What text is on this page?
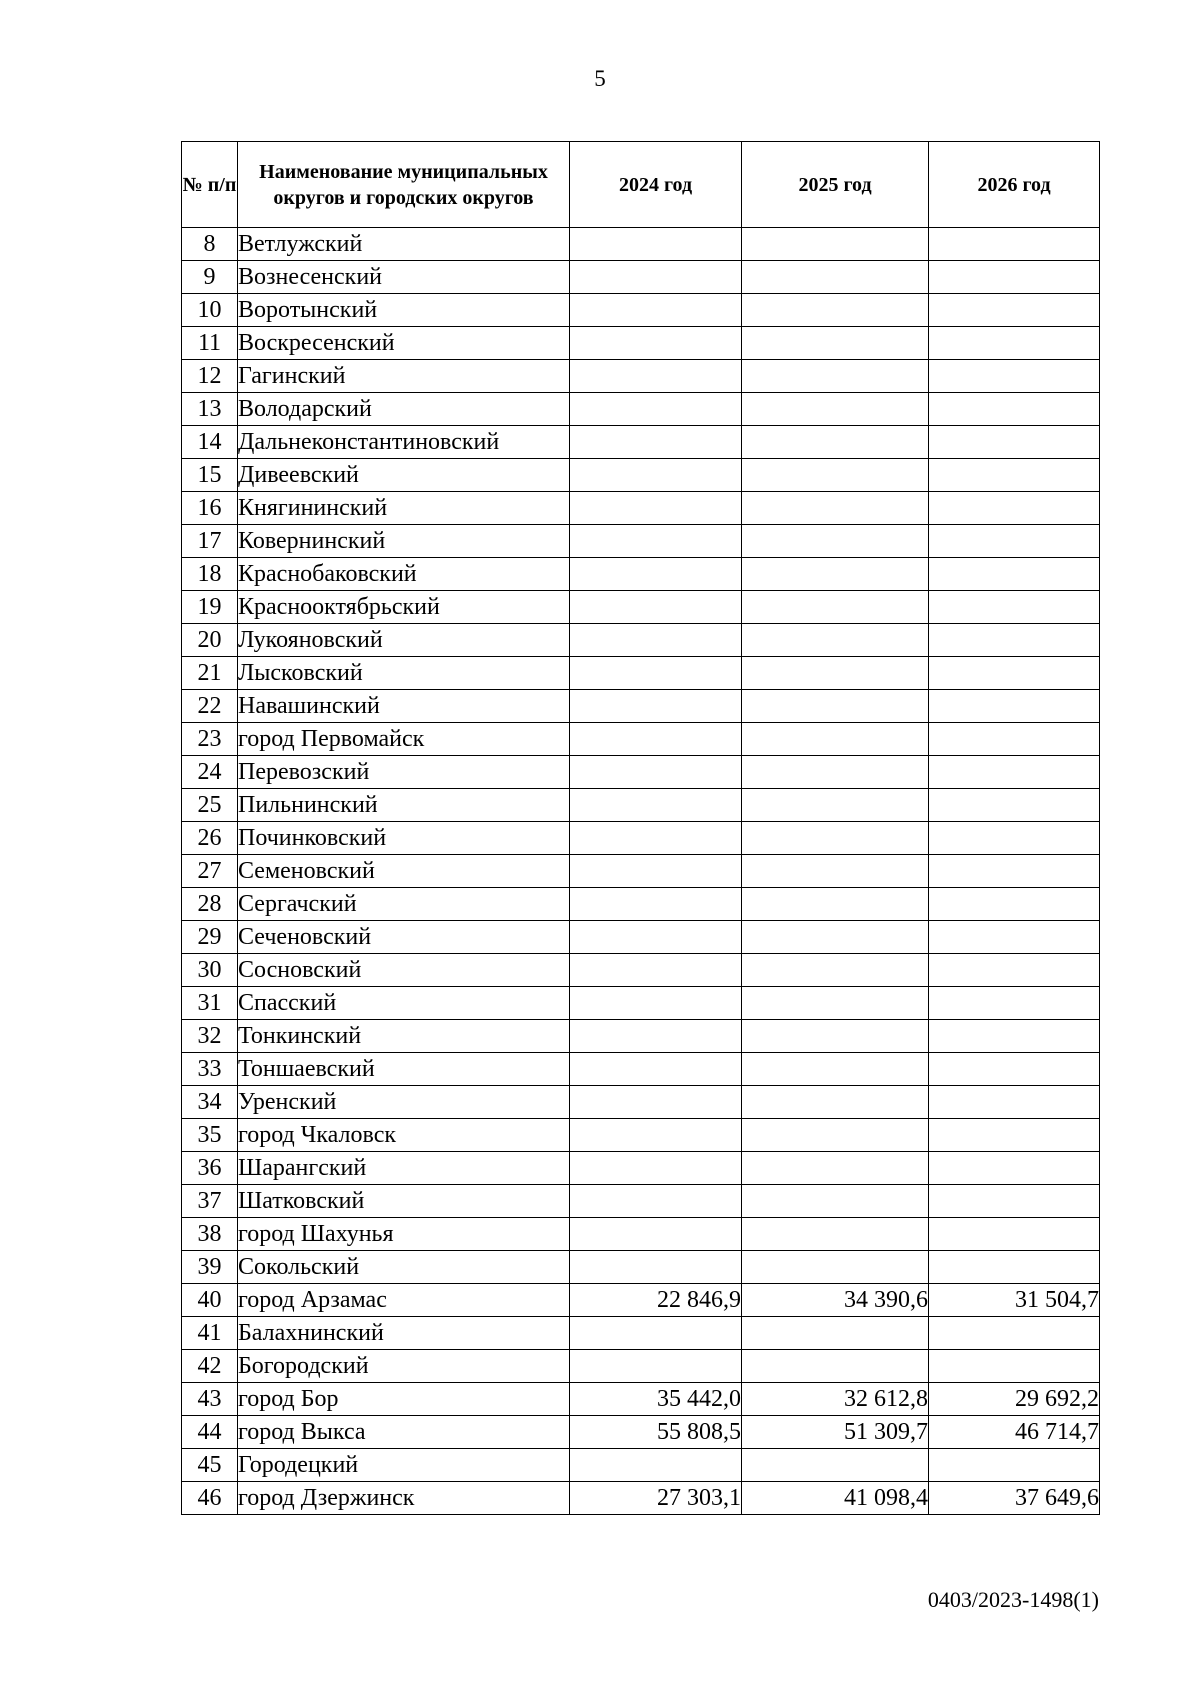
5
№ п/п	Наименование муниципальных округов и городских округов	2024 год	2025 год	2026 год
8	Ветлужский			
9	Вознесенский			
10	Воротынский			
11	Воскресенский			
12	Гагинский			
13	Володарский			
14	Дальнеконстантиновский			
15	Дивеевский			
16	Княгининский			
17	Ковернинский			
18	Краснобаковский			
19	Краснооктябрьский			
20	Лукояновский			
21	Лысковский			
22	Навашинский			
23	город Первомайск			
24	Перевозский			
25	Пильнинский			
26	Починковский			
27	Семеновский			
28	Сергачский			
29	Сеченовский			
30	Сосновский			
31	Спасский			
32	Тонкинский			
33	Тоншаевский			
34	Уренский			
35	город Чкаловск			
36	Шарангский			
37	Шатковский			
38	город Шахунья			
39	Сокольский			
40	город Арзамас	22 846,9	34 390,6	31 504,7
41	Балахнинский			
42	Богородский			
43	город Бор	35 442,0	32 612,8	29 692,2
44	город Выкса	55 808,5	51 309,7	46 714,7
45	Городецкий			
46	город Дзержинск	27 303,1	41 098,4	37 649,6
0403/2023-1498(1)
